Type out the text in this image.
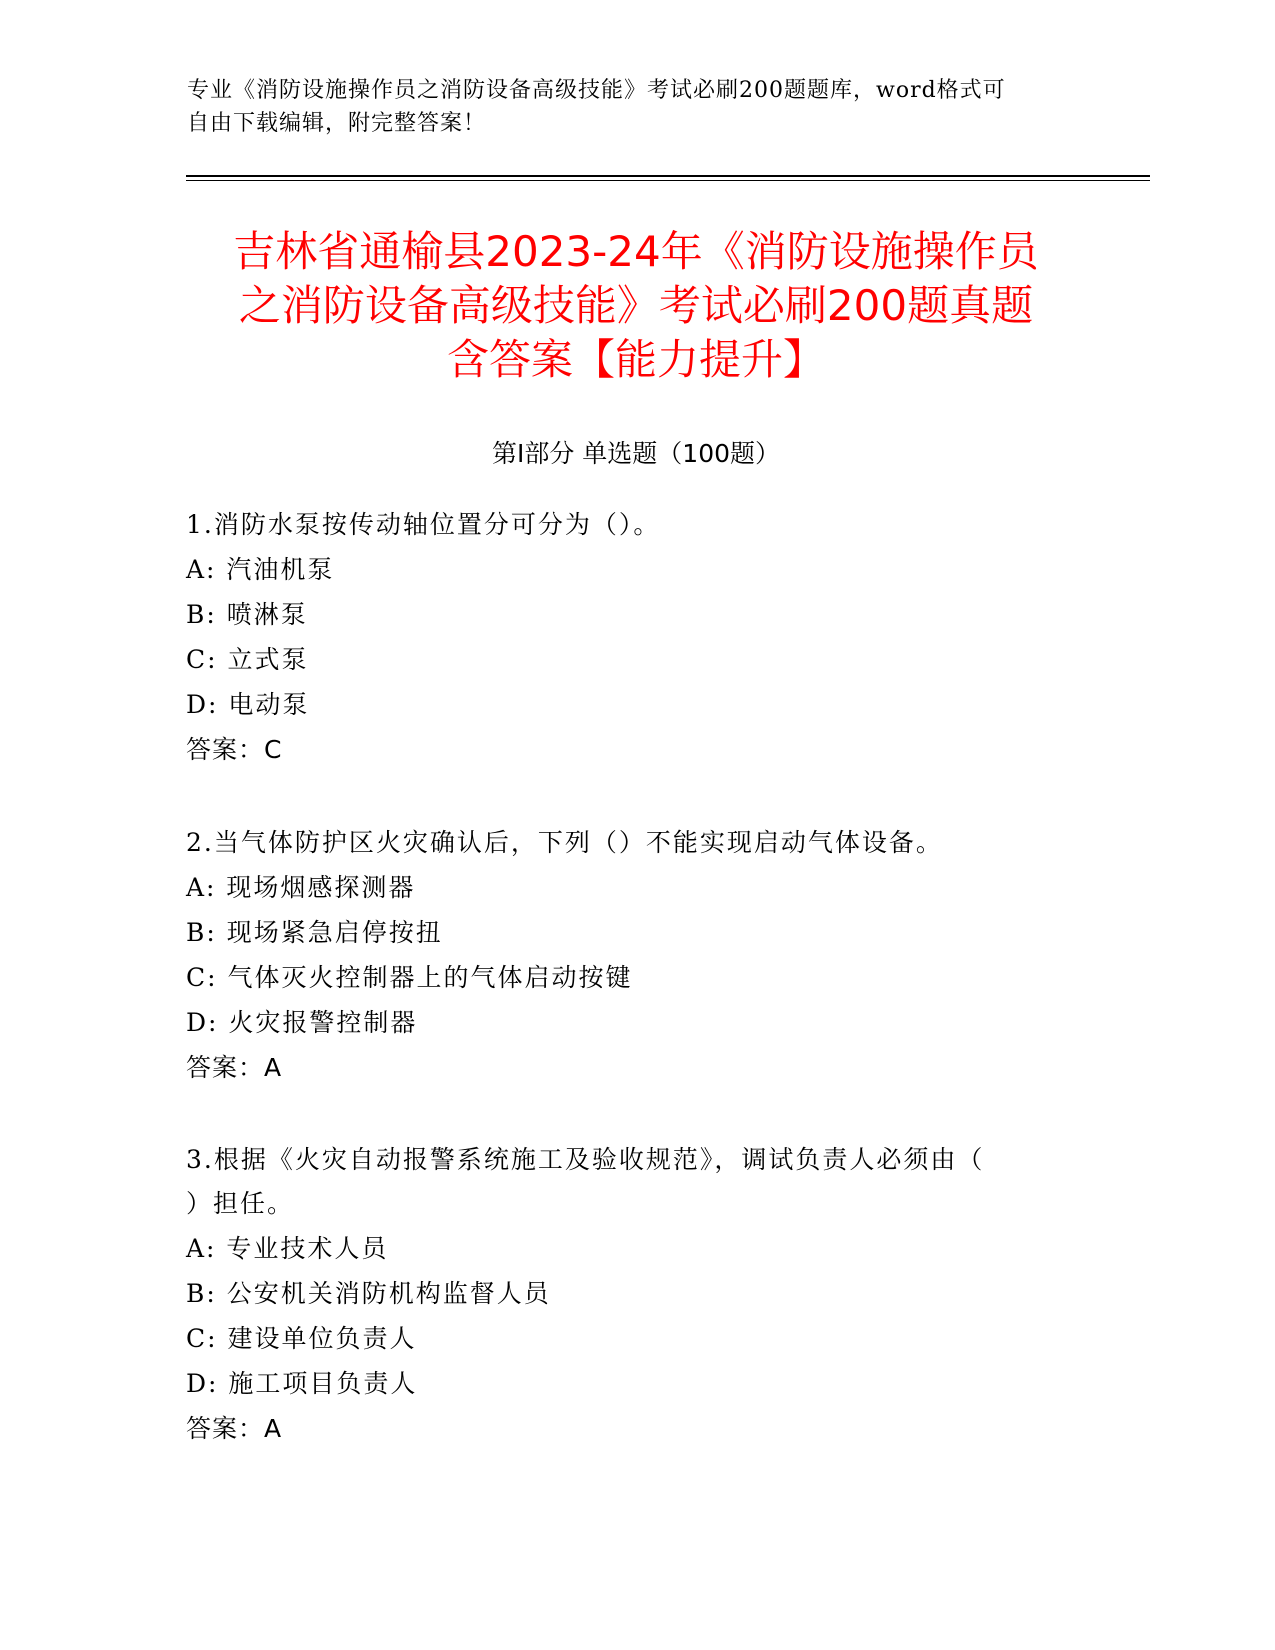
专业《消防设施操作员之消防设备高级技能》考试必刷200题题库，word格式可
自由下载编辑，附完整答案！
吉林省通榆县2023-24年《消防设施操作员
之消防设备高级技能》考试必刷200题真题
含答案【能力提升】
第Ⅰ部分 单选题（100题）
1.消防水泵按传动轴位置分可分为（）。
A: 汽油机泵
B: 喷淋泵
C: 立式泵
D: 电动泵
答案：C
2.当气体防护区火灾确认后，下列（）不能实现启动气体设备。
A: 现场烟感探测器
B: 现场紧急启停按扭
C: 气体灭火控制器上的气体启动按键
D: 火灾报警控制器
答案：A
3.根据《火灾自动报警系统施工及验收规范》，调试负责人必须由（
）担任。
A: 专业技术人员
B: 公安机关消防机构监督人员
C: 建设单位负责人
D: 施工项目负责人
答案：A
